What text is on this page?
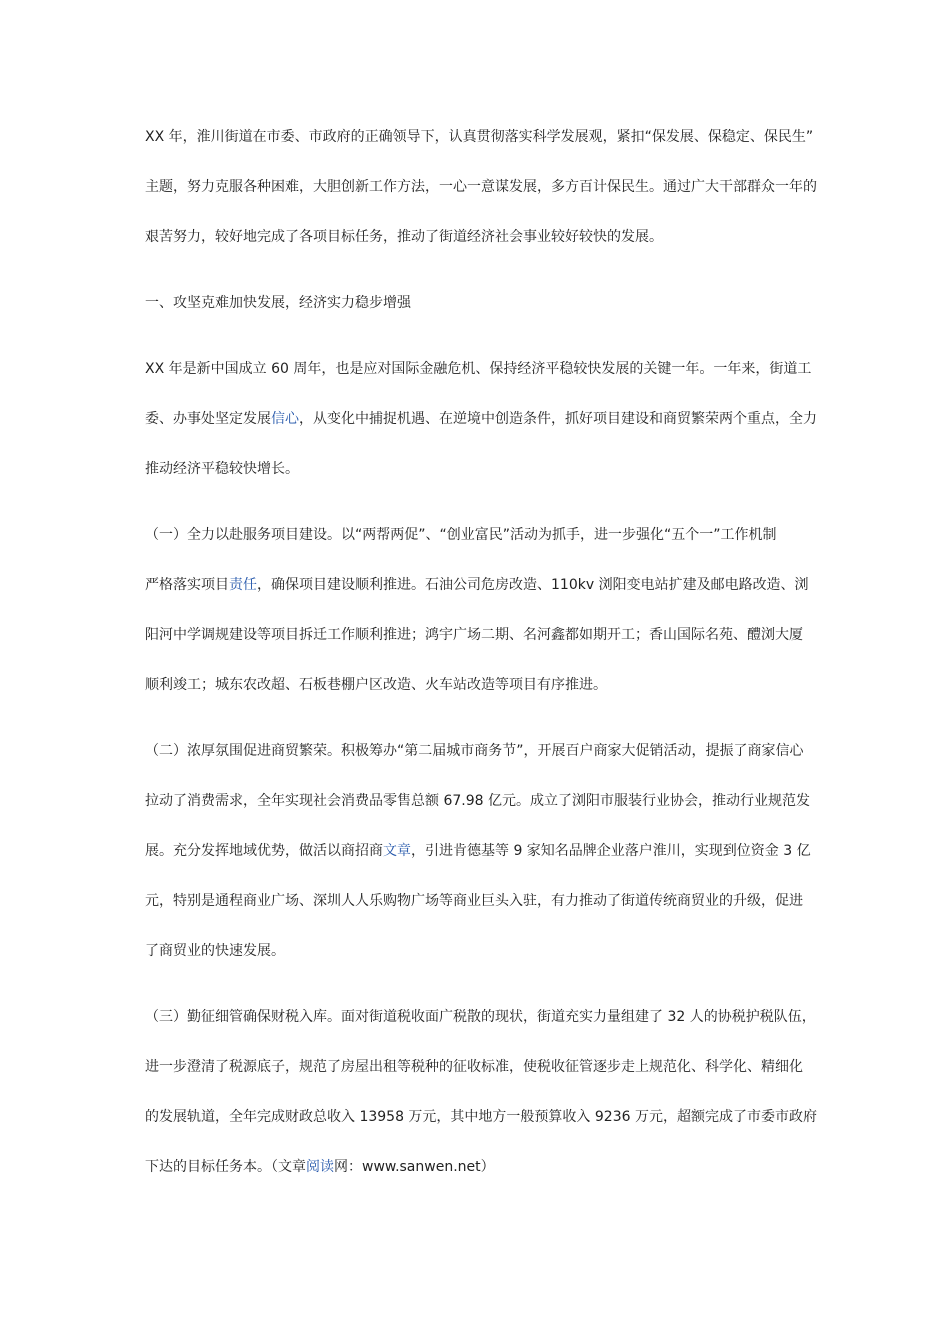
XX 年，淮川街道在市委、市政府的正确领导下，认真贯彻落实科学发展观，紧扣“保发展、保稳定、保民生”
主题，努力克服各种困难，大胆创新工作方法，一心一意谋发展，多方百计保民生。通过广大干部群众一年的
艰苦努力，较好地完成了各项目标任务，推动了街道经济社会事业较好较快的发展。
一、攻坚克难加快发展，经济实力稳步增强
XX 年是新中国成立 60 周年，也是应对国际金融危机、保持经济平稳较快发展的关键一年。一年来，街道工
委、办事处坚定发展信心，从变化中捕捉机遇、在逆境中创造条件，抓好项目建设和商贸繁荣两个重点，全力
推动经济平稳较快增长。
（一）全力以赴服务项目建设。以“两帮两促”、“创业富民”活动为抓手，进一步强化“五个一”工作机制
严格落实项目责任，确保项目建设顺利推进。石油公司危房改造、110kv 浏阳变电站扩建及邮电路改造、浏
阳河中学调规建设等项目拆迁工作顺利推进；鸿宇广场二期、名河鑫都如期开工；香山国际名苑、醴浏大厦
顺利竣工；城东农改超、石板巷棚户区改造、火车站改造等项目有序推进。
（二）浓厚氛围促进商贸繁荣。积极筹办“第二届城市商务节”，开展百户商家大促销活动，提振了商家信心
拉动了消费需求，全年实现社会消费品零售总额 67.98 亿元。成立了浏阳市服装行业协会，推动行业规范发
展。充分发挥地域优势，做活以商招商文章，引进肯德基等 9 家知名品牌企业落户淮川，实现到位资金 3 亿
元，特别是通程商业广场、深圳人人乐购物广场等商业巨头入驻，有力推动了街道传统商贸业的升级，促进
了商贸业的快速发展。
（三）勤征细管确保财税入库。面对街道税收面广税散的现状，街道充实力量组建了 32 人的协税护税队伍，
进一步澄清了税源底子，规范了房屋出租等税种的征收标准，使税收征管逐步走上规范化、科学化、精细化
的发展轨道，全年完成财政总收入 13958 万元，其中地方一般预算收入 9236 万元，超额完成了市委市政府
下达的目标任务本。（文章阅读网：www.sanwen.net）
